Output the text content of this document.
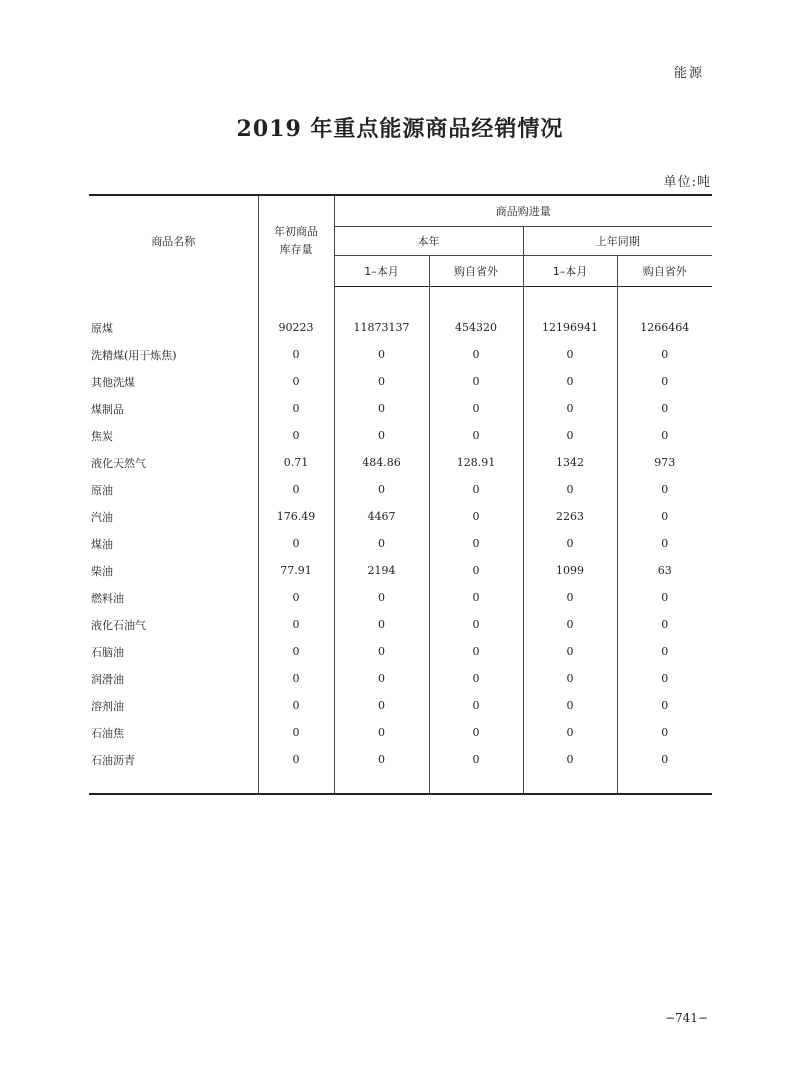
能源
2019 年重点能源商品经销情况
单位:吨
商品名称	年初商品库存量	商品购进量			
		本年		上年同期	
		1–本月	购自省外	1–本月	购自省外

原煤	90223	11873137	454320	12196941	1266464
洗精煤(用于炼焦)	0	0	0	0	0
其他洗煤	0	0	0	0	0
煤制品	0	0	0	0	0
焦炭	0	0	0	0	0
液化天然气	0.71	484.86	128.91	1342	973
原油	0	0	0	0	0
汽油	176.49	4467	0	2263	0
煤油	0	0	0	0	0
柴油	77.91	2194	0	1099	63
燃料油	0	0	0	0	0
液化石油气	0	0	0	0	0
石脑油	0	0	0	0	0
润滑油	0	0	0	0	0
溶剂油	0	0	0	0	0
石油焦	0	0	0	0	0
石油沥青	0	0	0	0	0

−741−
